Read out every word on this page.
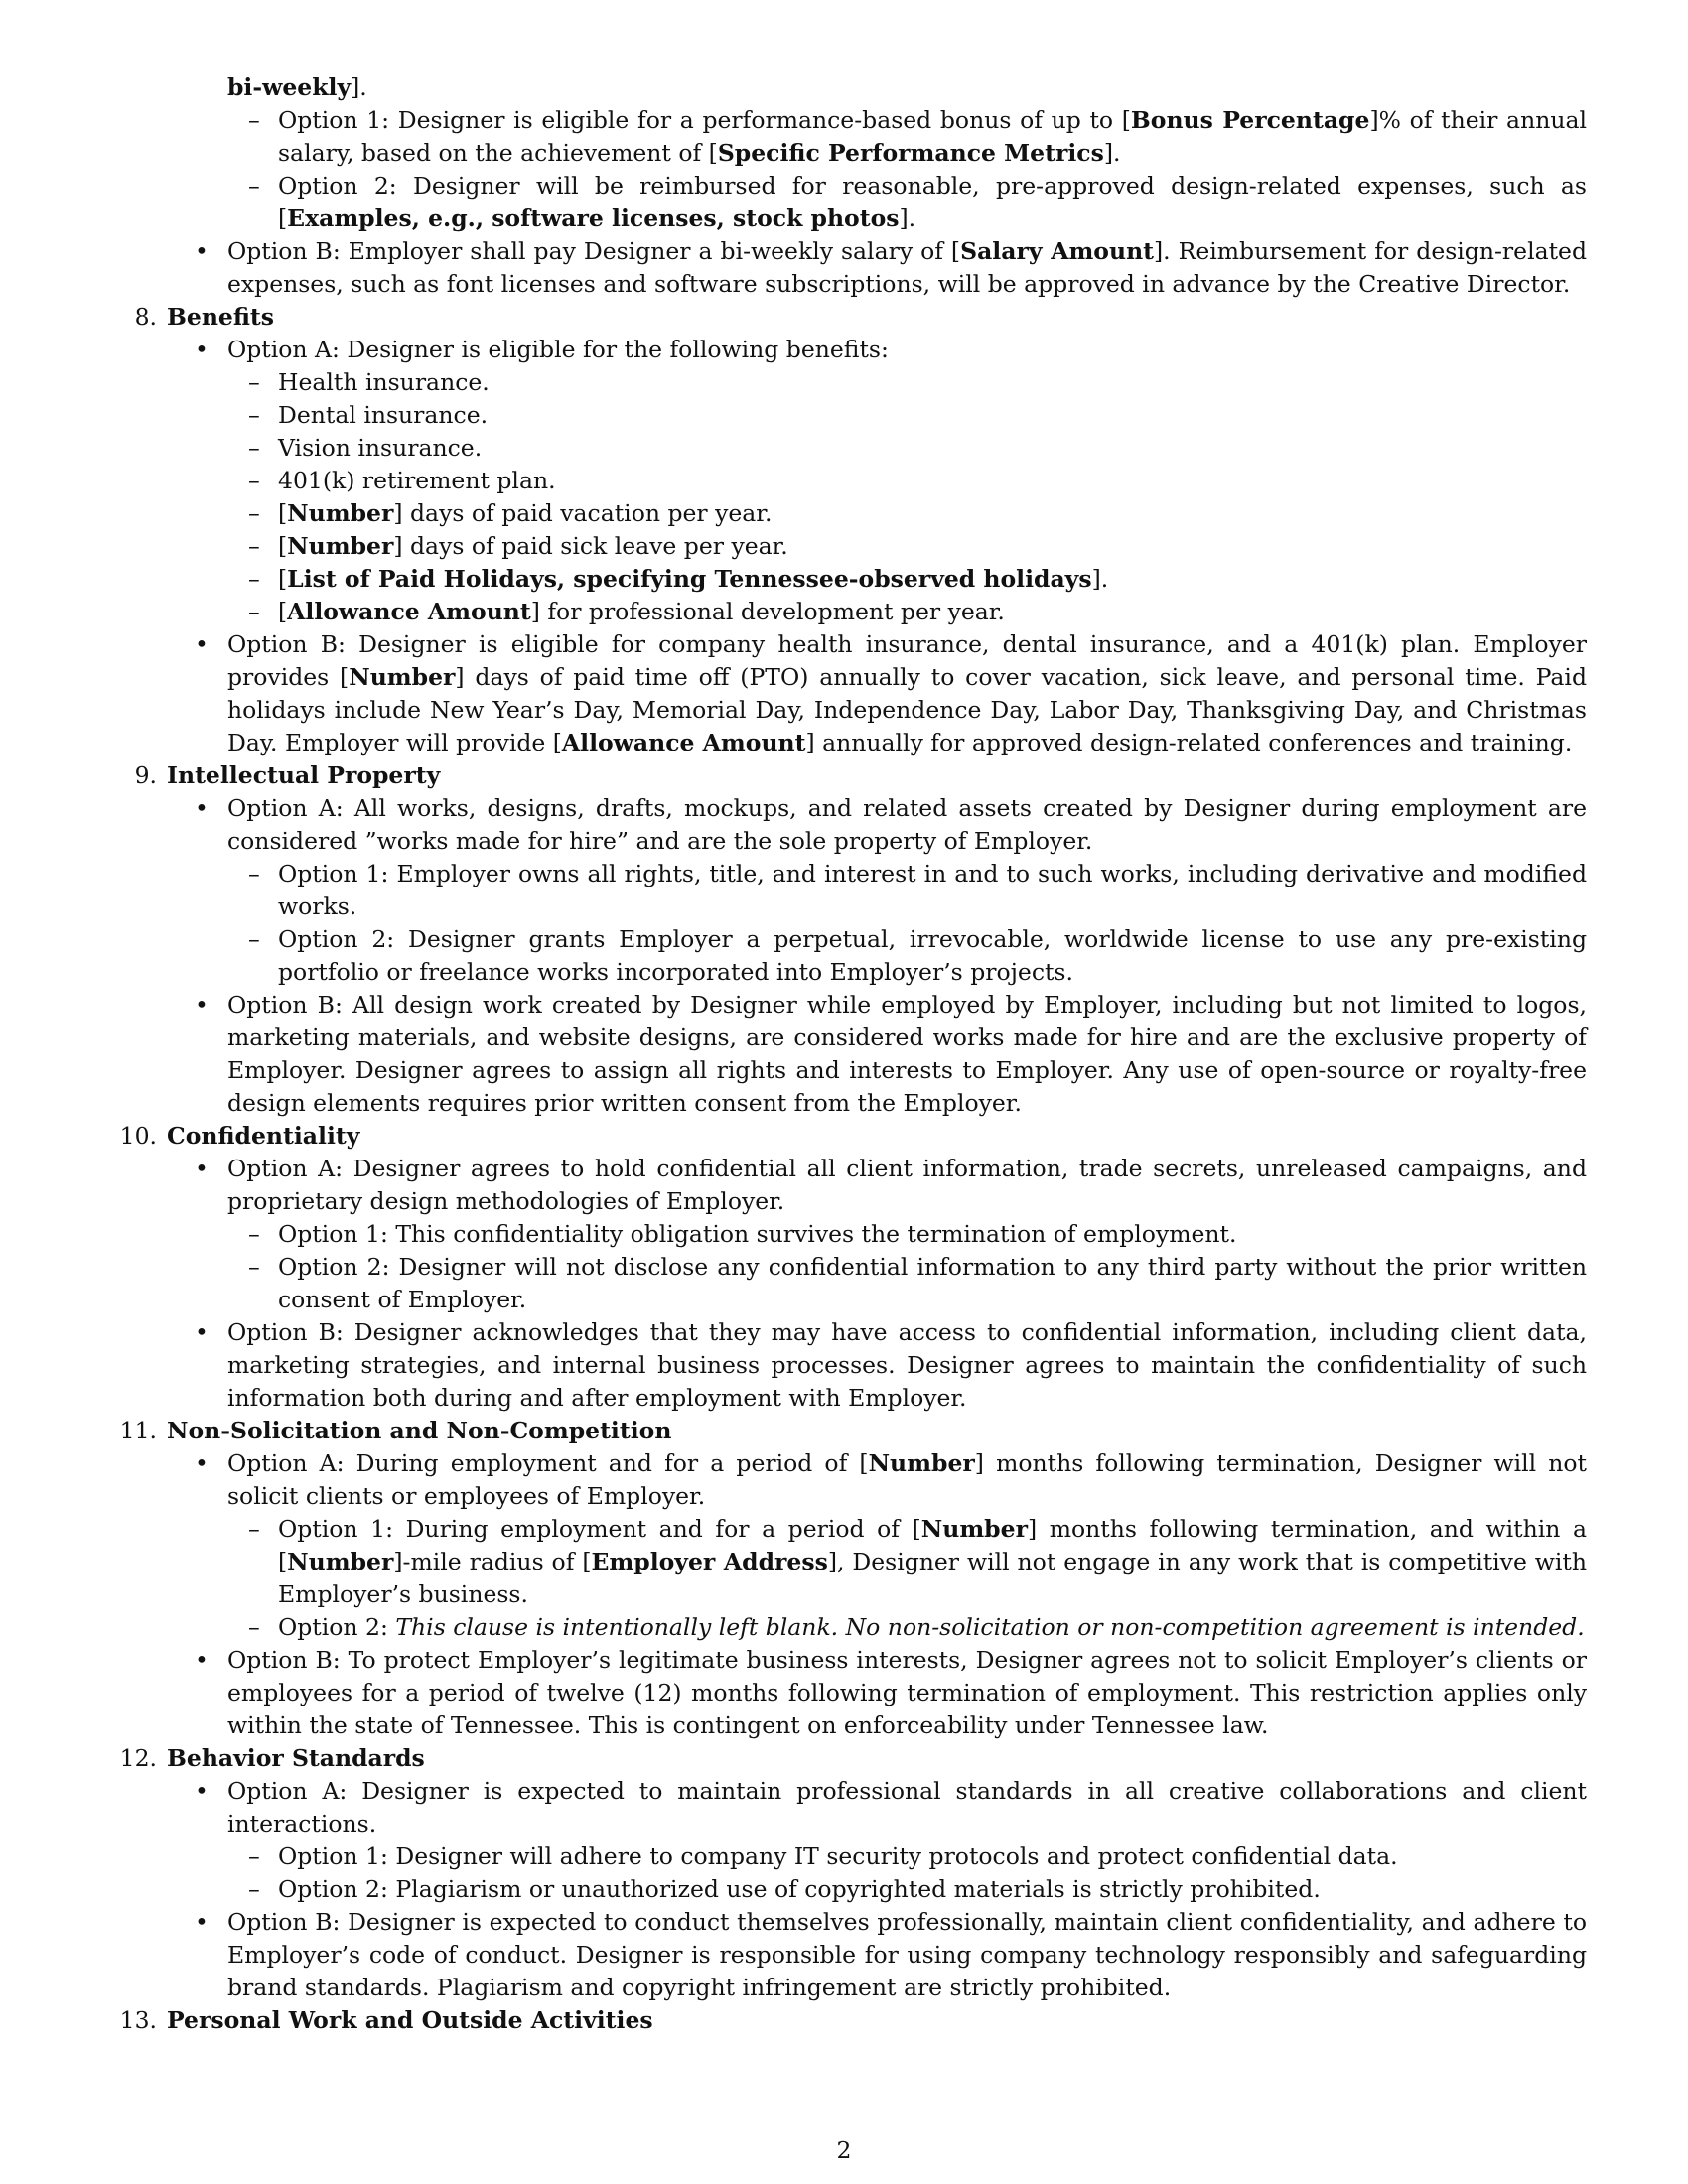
bi-weekly].
– Option 1: Designer is eligible for a performance-based bonus of up to [Bonus Percentage]% of their annual salary, based on the achievement of [Specific Performance Metrics].
– Option 2: Designer will be reimbursed for reasonable, pre-approved design-related expenses, such as [Examples, e.g., software licenses, stock photos].
• Option B: Employer shall pay Designer a bi-weekly salary of [Salary Amount]. Reimbursement for design-related expenses, such as font licenses and software subscriptions, will be approved in advance by the Creative Director.
8. Benefits
• Option A: Designer is eligible for the following benefits:
– Health insurance.
– Dental insurance.
– Vision insurance.
– 401(k) retirement plan.
– [Number] days of paid vacation per year.
– [Number] days of paid sick leave per year.
– [List of Paid Holidays, specifying Tennessee-observed holidays].
– [Allowance Amount] for professional development per year.
• Option B: Designer is eligible for company health insurance, dental insurance, and a 401(k) plan. Employer provides [Number] days of paid time off (PTO) annually to cover vacation, sick leave, and personal time. Paid holidays include New Year’s Day, Memorial Day, Independence Day, Labor Day, Thanksgiving Day, and Christmas Day. Employer will provide [Allowance Amount] annually for approved design-related conferences and training.
9. Intellectual Property
• Option A: All works, designs, drafts, mockups, and related assets created by Designer during employment are considered ”works made for hire” and are the sole property of Employer.
– Option 1: Employer owns all rights, title, and interest in and to such works, including derivative and modified works.
– Option 2: Designer grants Employer a perpetual, irrevocable, worldwide license to use any pre-existing portfolio or freelance works incorporated into Employer’s projects.
• Option B: All design work created by Designer while employed by Employer, including but not limited to logos, marketing materials, and website designs, are considered works made for hire and are the exclusive property of Employer. Designer agrees to assign all rights and interests to Employer. Any use of open-source or royalty-free design elements requires prior written consent from the Employer.
10. Confidentiality
• Option A: Designer agrees to hold confidential all client information, trade secrets, unreleased campaigns, and proprietary design methodologies of Employer.
– Option 1: This confidentiality obligation survives the termination of employment.
– Option 2: Designer will not disclose any confidential information to any third party without the prior written consent of Employer.
• Option B: Designer acknowledges that they may have access to confidential information, including client data, marketing strategies, and internal business processes. Designer agrees to maintain the confidentiality of such information both during and after employment with Employer.
11. Non-Solicitation and Non-Competition
• Option A: During employment and for a period of [Number] months following termination, Designer will not solicit clients or employees of Employer.
– Option 1: During employment and for a period of [Number] months following termination, and within a [Number]-mile radius of [Employer Address], Designer will not engage in any work that is competitive with Employer’s business.
– Option 2: This clause is intentionally left blank. No non-solicitation or non-competition agreement is intended.
• Option B: To protect Employer’s legitimate business interests, Designer agrees not to solicit Employer’s clients or employees for a period of twelve (12) months following termination of employment. This restriction applies only within the state of Tennessee. This is contingent on enforceability under Tennessee law.
12. Behavior Standards
• Option A: Designer is expected to maintain professional standards in all creative collaborations and client interactions.
– Option 1: Designer will adhere to company IT security protocols and protect confidential data.
– Option 2: Plagiarism or unauthorized use of copyrighted materials is strictly prohibited.
• Option B: Designer is expected to conduct themselves professionally, maintain client confidentiality, and adhere to Employer’s code of conduct. Designer is responsible for using company technology responsibly and safeguarding brand standards. Plagiarism and copyright infringement are strictly prohibited.
13. Personal Work and Outside Activities
2
